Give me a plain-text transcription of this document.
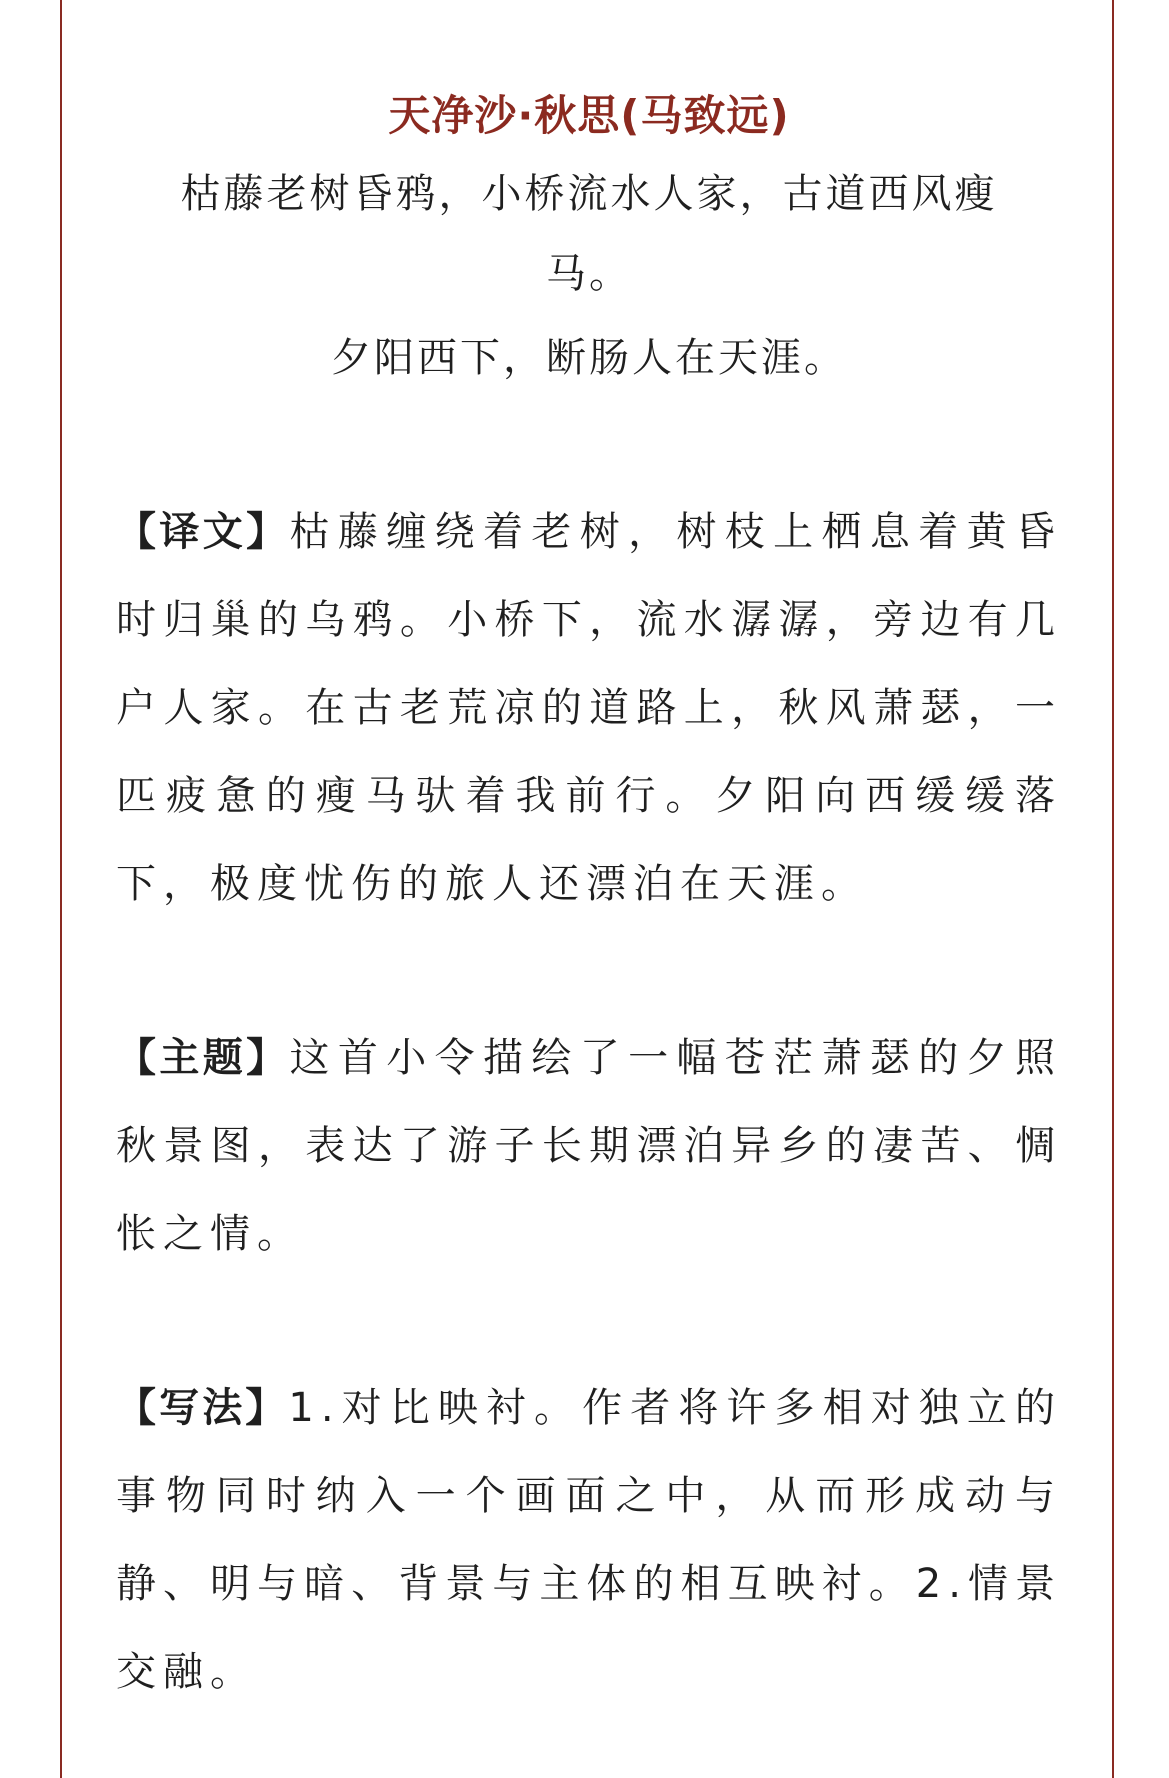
天净沙·秋思(马致远)

枯藤老树昏鸦，小桥流水人家，古道西风瘦

马。

夕阳西下，断肠人在天涯。

【译文】枯藤缠绕着老树，树枝上栖息着黄昏时归巢的乌鸦。小桥下，流水潺潺，旁边有几户人家。在古老荒凉的道路上，秋风萧瑟，一匹疲惫的瘦马驮着我前行。夕阳向西缓缓落下，极度忧伤的旅人还漂泊在天涯。

【主题】这首小令描绘了一幅苍茫萧瑟的夕照秋景图，表达了游子长期漂泊异乡的凄苦、惆怅之情。

【写法】1.对比映衬。作者将许多相对独立的事物同时纳入一个画面之中，从而形成动与静、明与暗、背景与主体的相互映衬。2.情景交融。
